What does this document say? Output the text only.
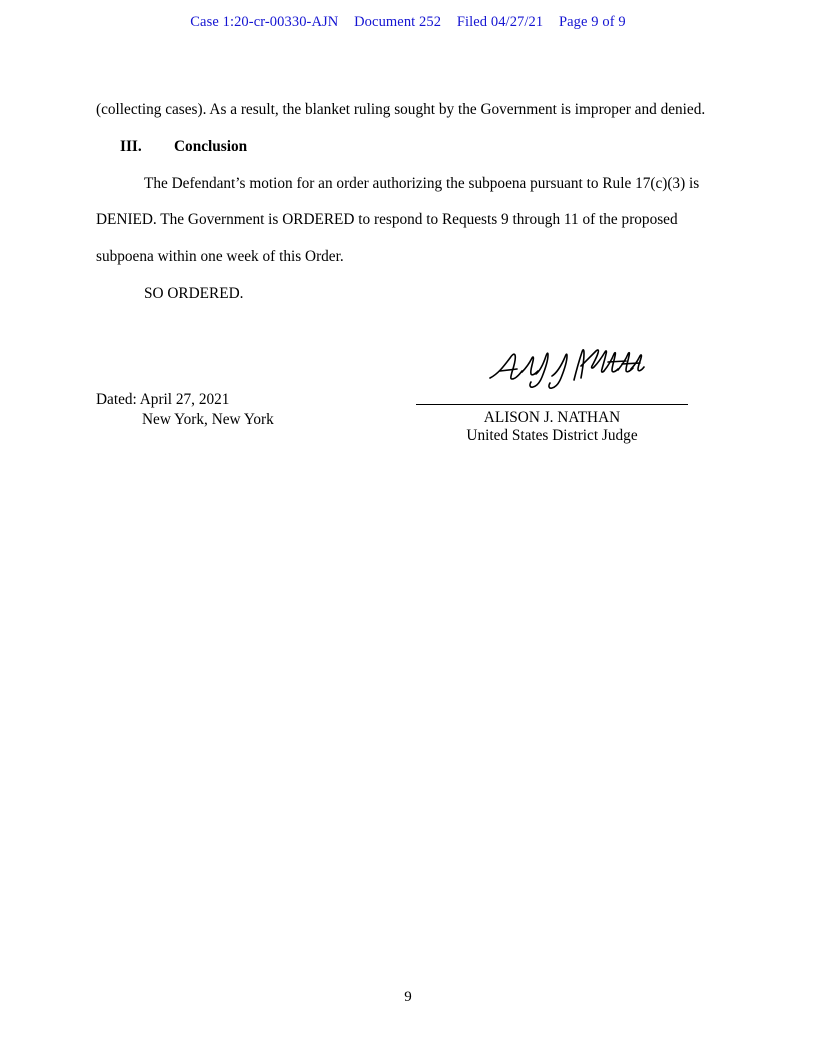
Case 1:20-cr-00330-AJN Document 252 Filed 04/27/21 Page 9 of 9

(collecting cases). As a result, the blanket ruling sought by the Government is improper and denied.

III. Conclusion

The Defendant’s motion for an order authorizing the subpoena pursuant to Rule 17(c)(3) is DENIED. The Government is ORDERED to respond to Requests 9 through 11 of the proposed subpoena within one week of this Order.

SO ORDERED.

ALISON J. NATHAN
United States District Judge
Dated: April 27, 2021
New York, New York
9
